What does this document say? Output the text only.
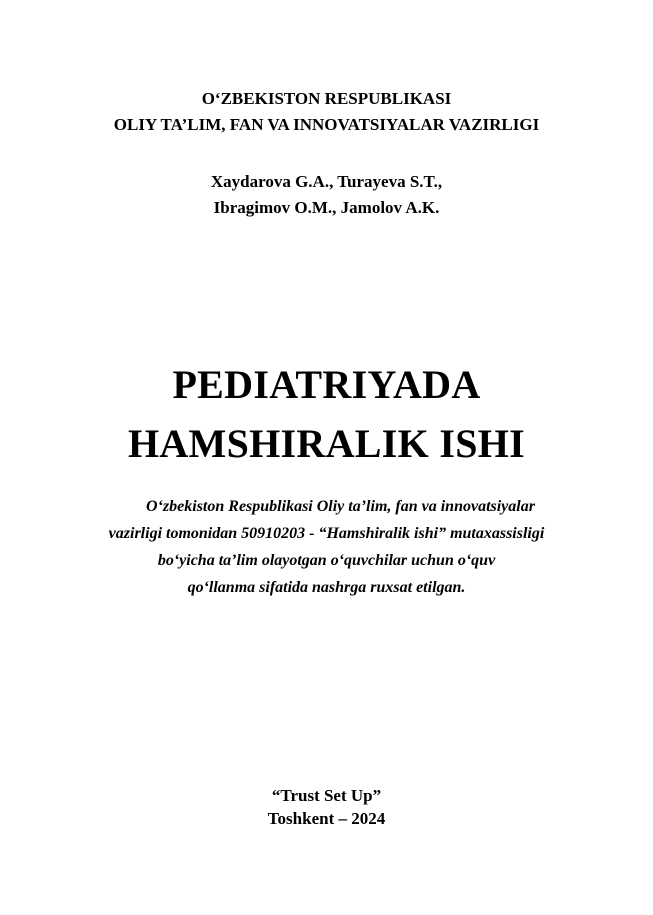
O‘ZBEKISTON RESPUBLIKASI
OLIY TA’LIM, FAN VA INNOVATSIYALAR VAZIRLIGI
Xaydarova G.A., Turayeva S.T.,
Ibragimov O.M., Jamolov A.K.
PEDIATRIYADA
HAMSHIRALIK ISHI
O‘zbekiston Respublikasi Oliy ta’lim, fan va innovatsiyalar
vazirligi tomonidan 50910203 - “Hamshiralik ishi” mutaxassisligi
bo‘yicha ta’lim olayotgan o‘quvchilar uchun o‘quv
qo‘llanma sifatida nashrga ruxsat etilgan.
“Trust Set Up”
Toshkent – 2024
